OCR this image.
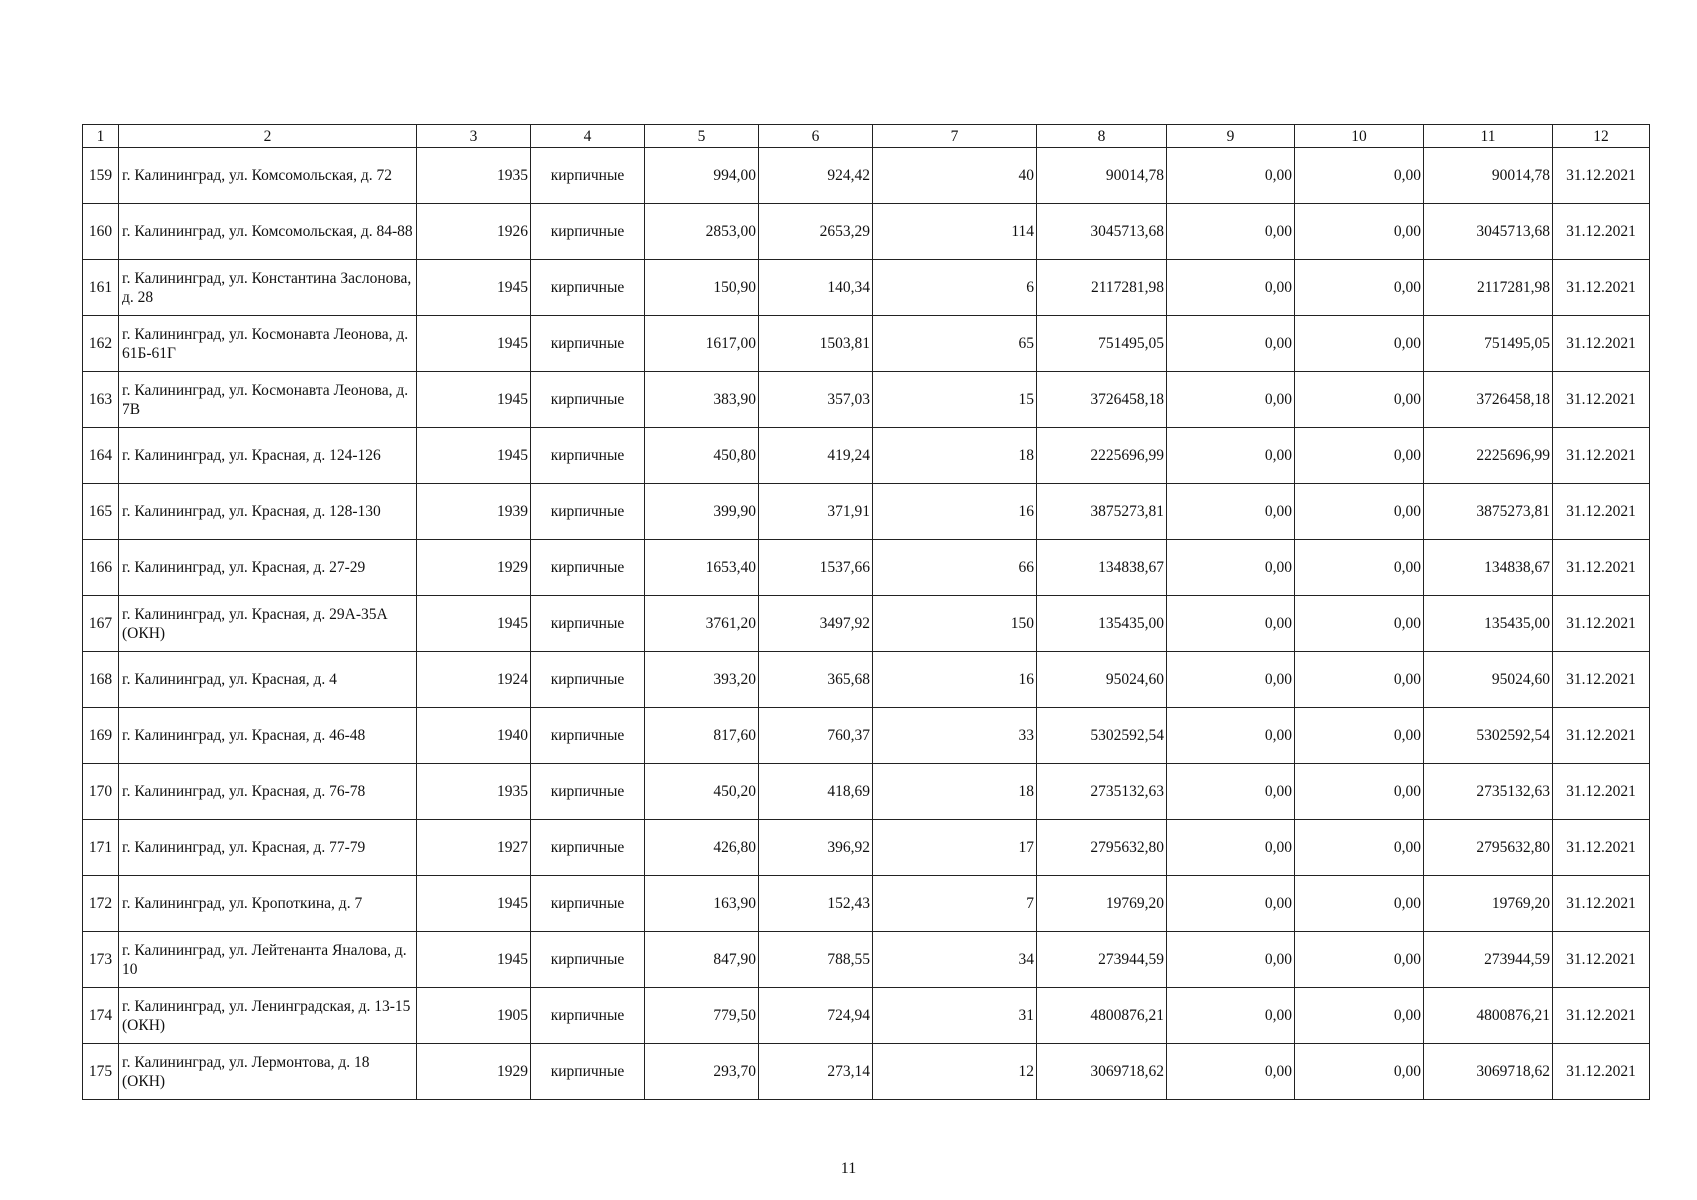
1	2	3	4	5	6	7	8	9	10	11	12
159	г. Калининград, ул. Комсомольская, д. 72	1935	кирпичные	994,00	924,42	40	90014,78	0,00	0,00	90014,78	31.12.2021
160	г. Калининград, ул. Комсомольская, д. 84-88	1926	кирпичные	2853,00	2653,29	114	3045713,68	0,00	0,00	3045713,68	31.12.2021
161	г. Калининград, ул. Константина Заслонова, д. 28	1945	кирпичные	150,90	140,34	6	2117281,98	0,00	0,00	2117281,98	31.12.2021
162	г. Калининград, ул. Космонавта Леонова, д. 61Б-61Г	1945	кирпичные	1617,00	1503,81	65	751495,05	0,00	0,00	751495,05	31.12.2021
163	г. Калининград, ул. Космонавта Леонова, д. 7В	1945	кирпичные	383,90	357,03	15	3726458,18	0,00	0,00	3726458,18	31.12.2021
164	г. Калининград, ул. Красная, д. 124-126	1945	кирпичные	450,80	419,24	18	2225696,99	0,00	0,00	2225696,99	31.12.2021
165	г. Калининград, ул. Красная, д. 128-130	1939	кирпичные	399,90	371,91	16	3875273,81	0,00	0,00	3875273,81	31.12.2021
166	г. Калининград, ул. Красная, д. 27-29	1929	кирпичные	1653,40	1537,66	66	134838,67	0,00	0,00	134838,67	31.12.2021
167	г. Калининград, ул. Красная, д. 29А-35А (ОКН)	1945	кирпичные	3761,20	3497,92	150	135435,00	0,00	0,00	135435,00	31.12.2021
168	г. Калининград, ул. Красная, д. 4	1924	кирпичные	393,20	365,68	16	95024,60	0,00	0,00	95024,60	31.12.2021
169	г. Калининград, ул. Красная, д. 46-48	1940	кирпичные	817,60	760,37	33	5302592,54	0,00	0,00	5302592,54	31.12.2021
170	г. Калининград, ул. Красная, д. 76-78	1935	кирпичные	450,20	418,69	18	2735132,63	0,00	0,00	2735132,63	31.12.2021
171	г. Калининград, ул. Красная, д. 77-79	1927	кирпичные	426,80	396,92	17	2795632,80	0,00	0,00	2795632,80	31.12.2021
172	г. Калининград, ул. Кропоткина, д. 7	1945	кирпичные	163,90	152,43	7	19769,20	0,00	0,00	19769,20	31.12.2021
173	г. Калининград, ул. Лейтенанта Яналова, д. 10	1945	кирпичные	847,90	788,55	34	273944,59	0,00	0,00	273944,59	31.12.2021
174	г. Калининград, ул. Ленинградская, д. 13-15 (ОКН)	1905	кирпичные	779,50	724,94	31	4800876,21	0,00	0,00	4800876,21	31.12.2021
175	г. Калининград, ул. Лермонтова, д. 18 (ОКН)	1929	кирпичные	293,70	273,14	12	3069718,62	0,00	0,00	3069718,62	31.12.2021
11
